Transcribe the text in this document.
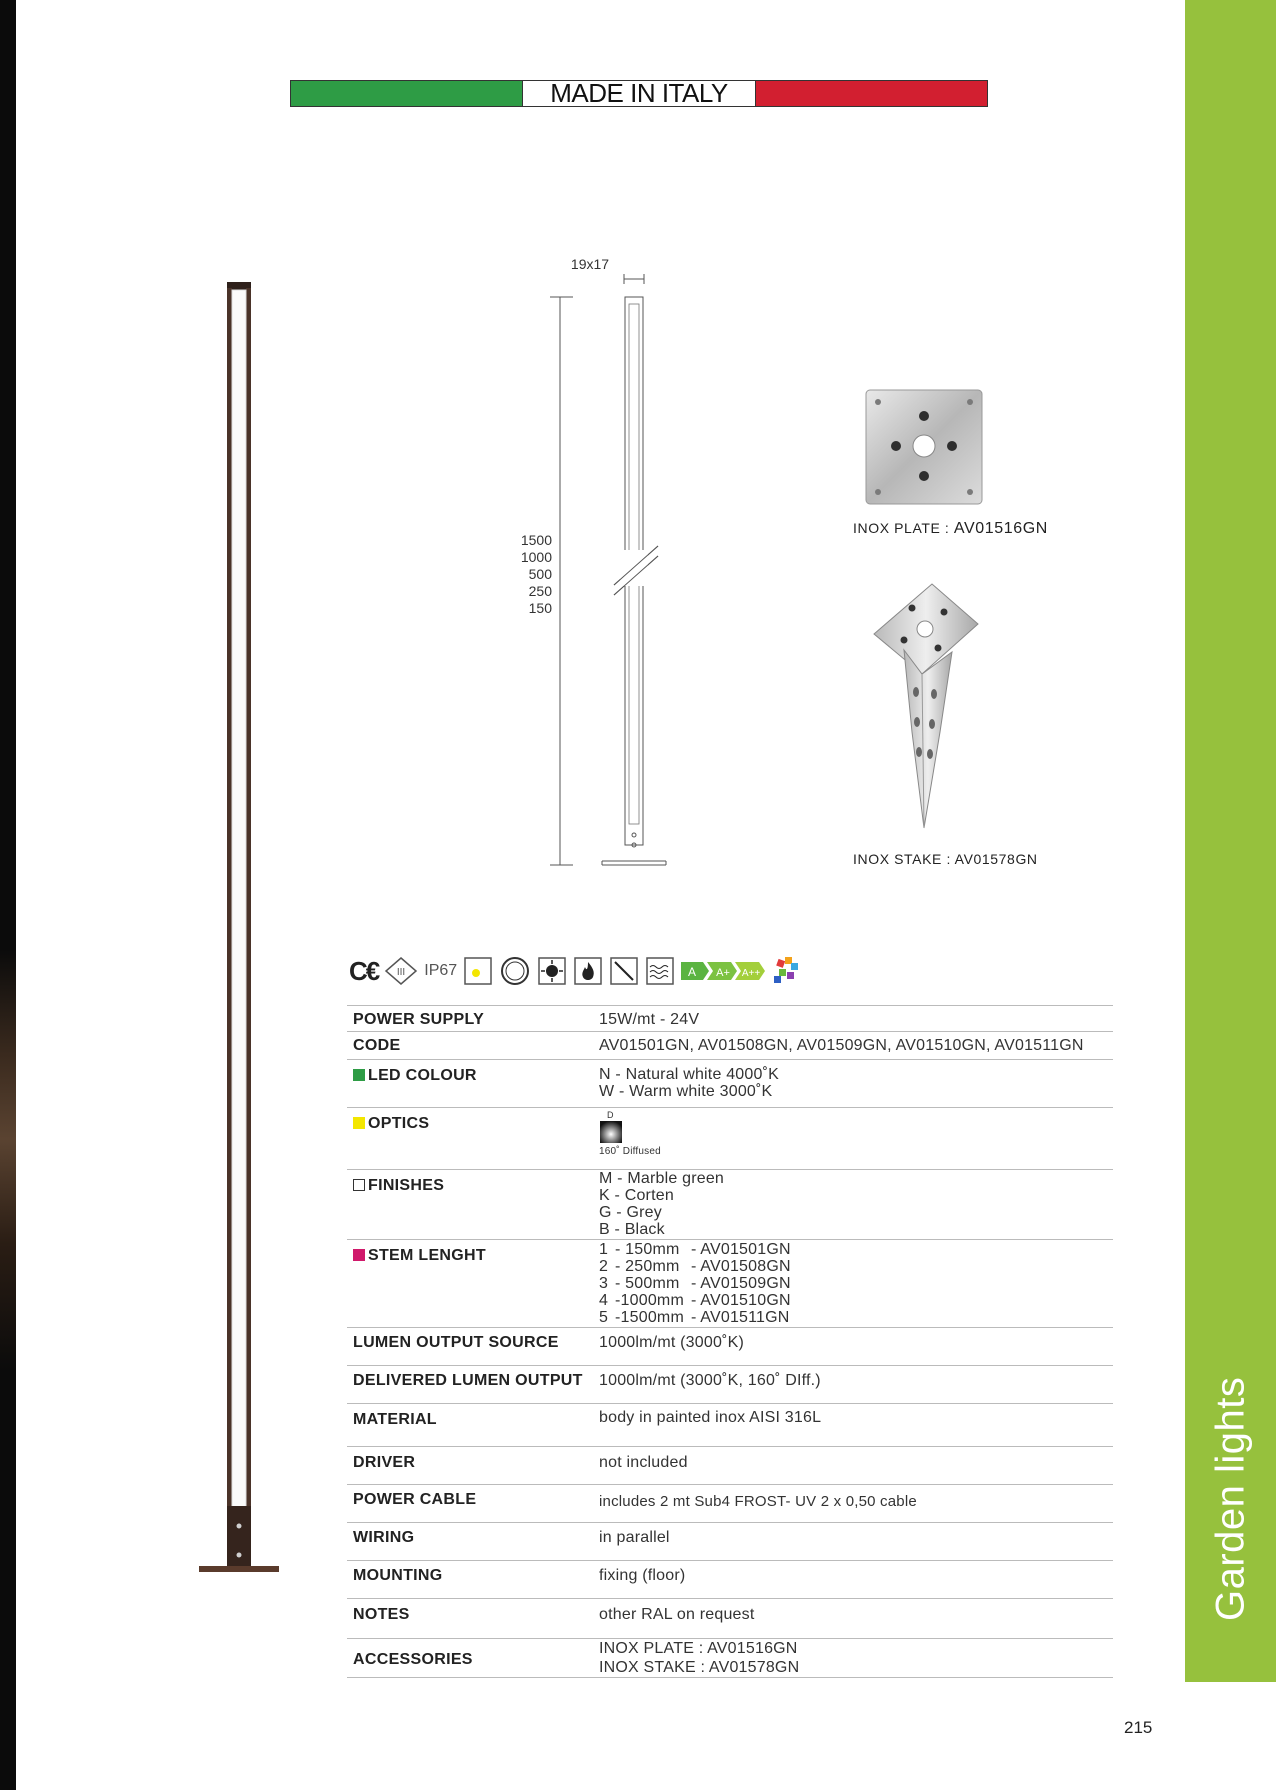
Garden lights
MADE IN ITALY
19x17
1500
1000
500
250
150
INOX PLATE : AV01516GN
INOX STAKE : AV01578GN
C€ III IP67	A A+ A++
POWER SUPPLY	15W/mt - 24V
CODE	AV01501GN, AV01508GN, AV01509GN, AV01510GN, AV01511GN
LED COLOUR	N - Natural white 4000˚K
W - Warm white 3000˚K

OPTICS	D
160˚ Diffused

FINISHES	M - Marble green
K - Corten
G - Grey
B - Black

STEM LENGHT	1 - 150mm - AV01501GN
2 - 250mm - AV01508GN
3 - 500mm - AV01509GN
4 -1000mm - AV01510GN
5 -1500mm - AV01511GN

LUMEN OUTPUT SOURCE	1000lm/mt (3000˚K)
DELIVERED LUMEN OUTPUT	1000lm/mt (3000˚K, 160˚ DIff.)
MATERIAL	body in painted inox AISI 316L
DRIVER	not included
POWER CABLE	includes 2 mt Sub4 FROST- UV 2 x 0,50 cable
WIRING	in parallel
MOUNTING	fixing (floor)
NOTES	other RAL on request
ACCESSORIES	INOX PLATE : AV01516GN
INOX STAKE : AV01578GN
215
